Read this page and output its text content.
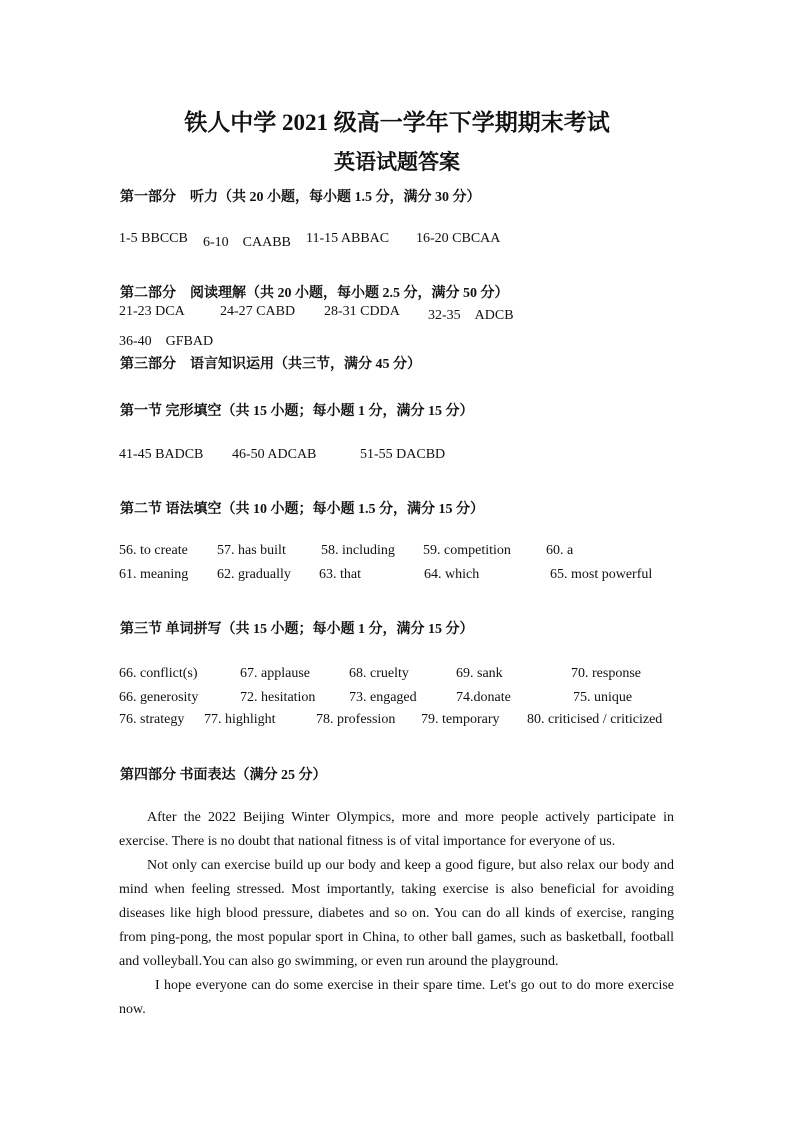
铁人中学 2021 级高一学年下学期期末考试
英语试题答案
第一部分　听力（共 20 小题，每小题 1.5 分，满分 30 分）
1-5 BBCCB 6-10　CAABB 11-15 ABBAC 16-20 CBCAA
第二部分　阅读理解（共 20 小题，每小题 2.5 分，满分 50 分）
21-23 DCA	24-27 CABD 28-31 CDDA 32-35　ADCB
36-40　GFBAD
第三部分　语言知识运用（共三节，满分 45 分）
第一节 完形填空（共 15 小题；每小题 1 分，满分 15 分）
41-45 BADCB 46-50 ADCAB	51-55 DACBD
第二节 语法填空（共 10 小题；每小题 1.5 分，满分 15 分）
56. to create 57. has built	58. including 59. competition	60. a
61. meaning 62. gradually 63. that	64. which	65. most powerful
第三节 单词拼写（共 15 小题；每小题 1 分，满分 15 分）
66. conflict(s)	67. applause	68. cruelty	69. sank	70. response
66. generosity	72. hesitation 73. engaged	74.donate	75. unique
76. strategy 77. highlight	78. profession 79. temporary 80. criticised / criticized
第四部分 书面表达（满分 25 分）

After the 2022 Beijing Winter Olympics, more and more people actively participate in exercise. There is no doubt that national fitness is of vital importance for everyone of us.

Not only can exercise build up our body and keep a good figure, but also relax our body and mind when feeling stressed. Most importantly, taking exercise is also beneficial for avoiding diseases like high blood pressure, diabetes and so on. You can do all kinds of exercise, ranging from ping-pong, the most popular sport in China, to other ball games, such as basketball, football and volleyball.You can also go swimming, or even run around the playground.

I hope everyone can do some exercise in their spare time. Let's go out to do more exercise now.
